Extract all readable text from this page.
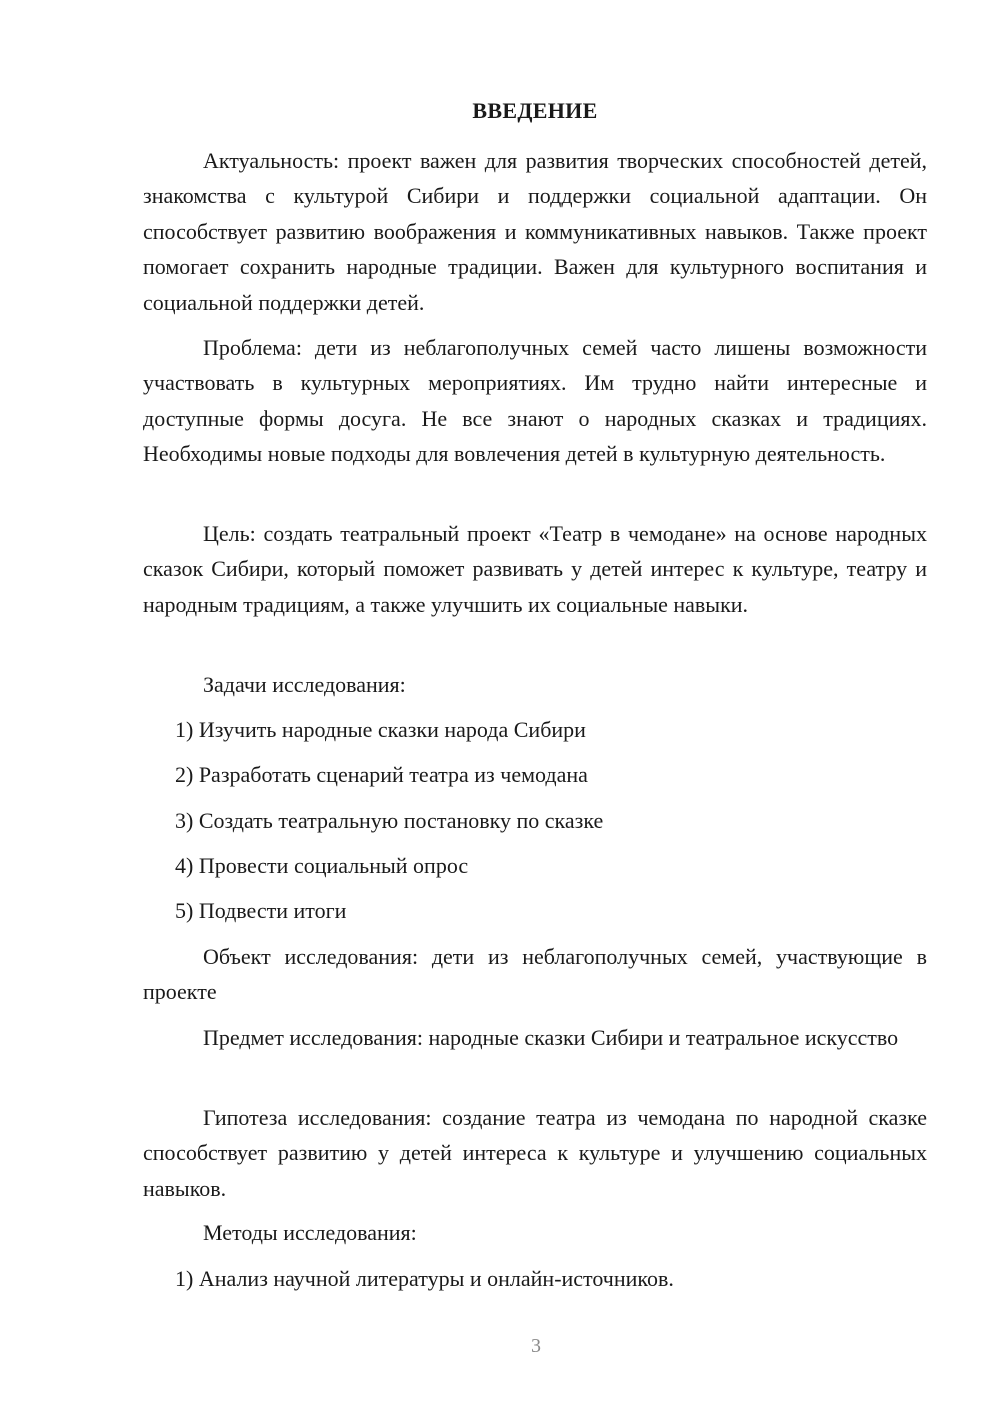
ВВЕДЕНИЕ

Актуальность: проект важен для развития творческих способностей детей, знакомства с культурой Сибири и поддержки социальной адаптации. Он способствует развитию воображения и коммуникативных навыков. Также проект помогает сохранить народные традиции. Важен для культурного воспитания и социальной поддержки детей.

Проблема: дети из неблагополучных семей часто лишены возможности участвовать в культурных мероприятиях. Им трудно найти интересные и доступные формы досуга. Не все знают о народных сказках и традициях. Необходимы новые подходы для вовлечения детей в культурную деятельность.

Цель: создать театральный проект «Театр в чемодане» на основе народных сказок Сибири, который поможет развивать у детей интерес к культуре, театру и народным традициям, а также улучшить их социальные навыки.

Задачи исследования:

1) Изучить народные сказки народа Сибири

2) Разработать сценарий театра из чемодана

3) Создать театральную постановку по сказке

4) Провести социальный опрос

5) Подвести итоги

Объект исследования: дети из неблагополучных семей, участвующие в проекте

Предмет исследования: народные сказки Сибири и театральное искусство

Гипотеза исследования: создание театра из чемодана по народной сказке способствует развитию у детей интереса к культуре и улучшению социальных навыков.

Методы исследования:

1) Анализ научной литературы и онлайн-источников.

3
